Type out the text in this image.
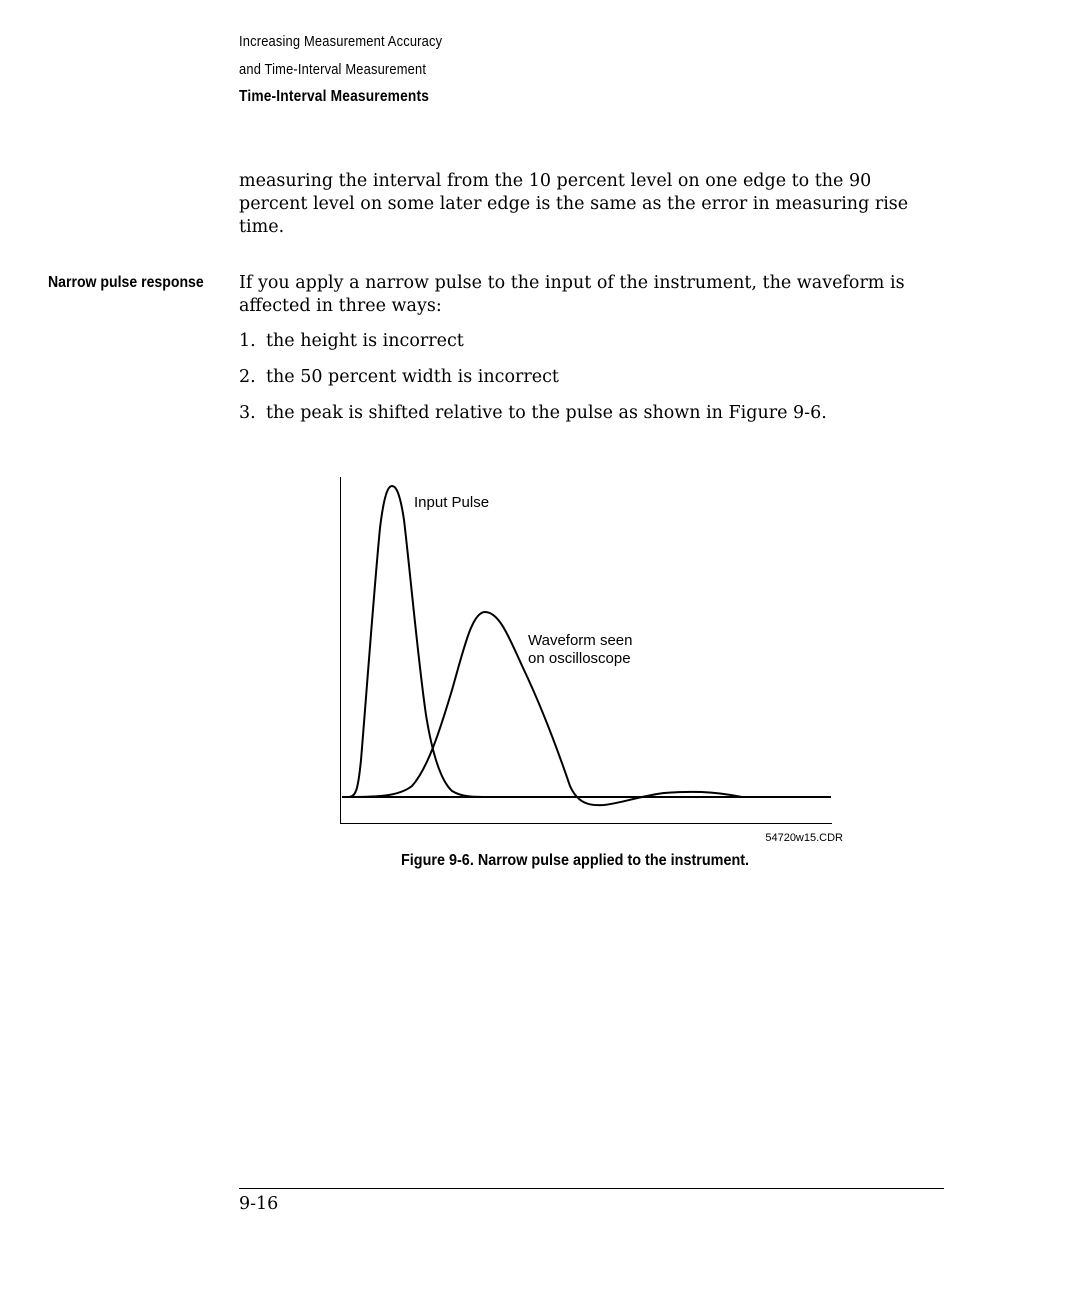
Increasing Measurement Accuracy
and Time-Interval Measurement
Time-Interval Measurements
measuring the interval from the 10 percent level on one edge to the 90
percent level on some later edge is the same as the error in measuring rise
time.
Narrow pulse response If you apply a narrow pulse to the input of the instrument, the waveform is
affected in three ways:
1. the height is incorrect
2. the 50 percent width is incorrect
3. the peak is shifted relative to the pulse as shown in Figure 9-6.
Input Pulse
Waveform seen
on oscilloscope
54720w15.CDR
Figure 9-6. Narrow pulse applied to the instrument.
9-16
